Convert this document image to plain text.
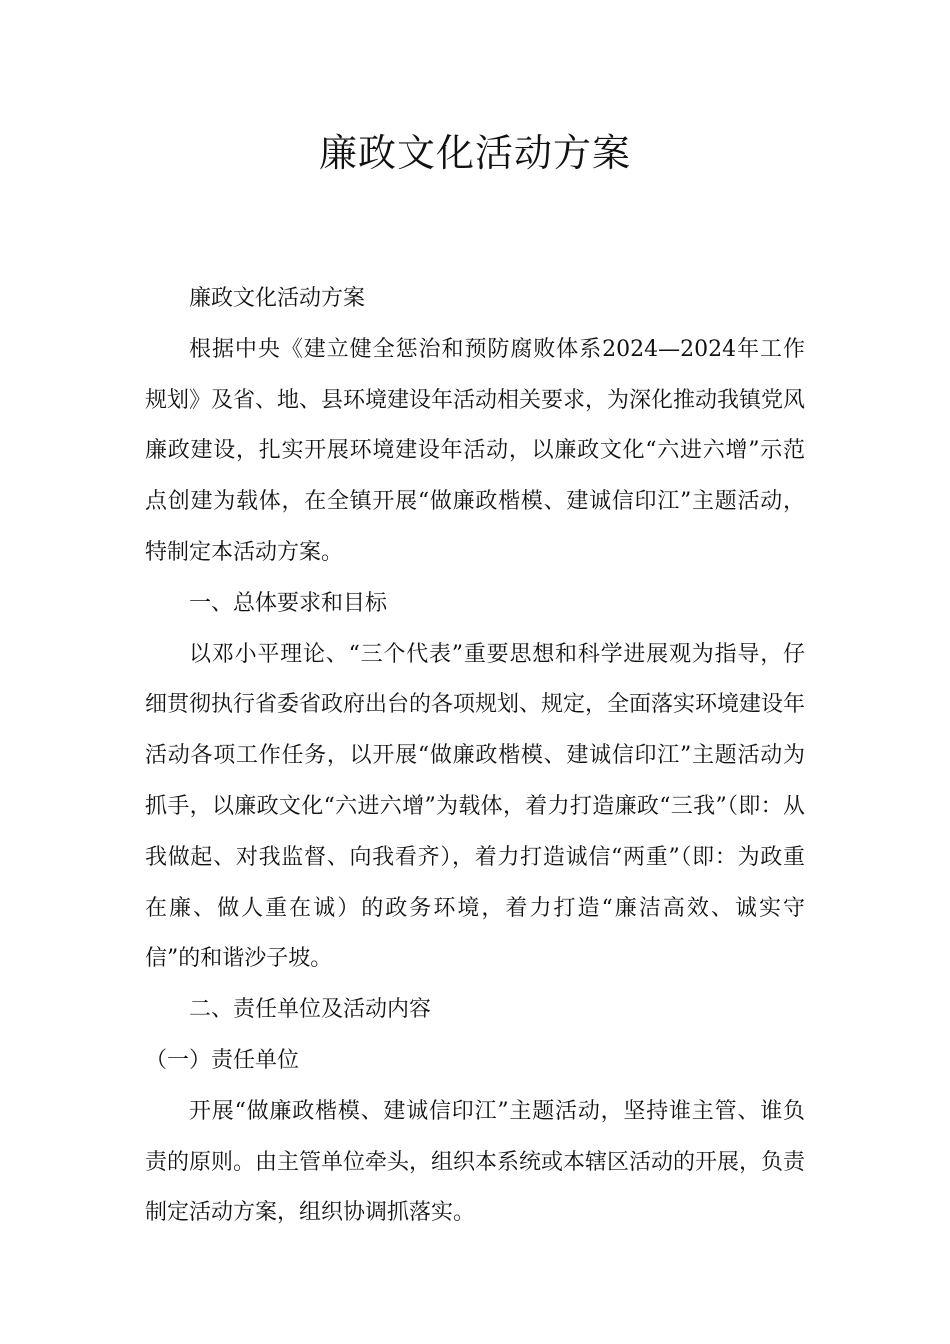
廉政文化活动方案

廉政文化活动方案

根据中央《建立健全惩治和预防腐败体系2024—2024年工作规划》及省、地、县环境建设年活动相关要求，为深化推动我镇党风廉政建设，扎实开展环境建设年活动，以廉政文化“六进六增”示范点创建为载体，在全镇开展“做廉政楷模、建诚信印江”主题活动，特制定本活动方案。

一、总体要求和目标

以邓小平理论、“三个代表”重要思想和科学进展观为指导，仔细贯彻执行省委省政府出台的各项规划、规定，全面落实环境建设年活动各项工作任务，以开展“做廉政楷模、建诚信印江”主题活动为抓手，以廉政文化“六进六增”为载体，着力打造廉政“三我”（即：从我做起、对我监督、向我看齐），着力打造诚信“两重”（即：为政重在廉、做人重在诚）的政务环境，着力打造“廉洁高效、诚实守信”的和谐沙子坡。

二、责任单位及活动内容

（一）责任单位

开展“做廉政楷模、建诚信印江”主题活动，坚持谁主管、谁负责的原则。由主管单位牵头，组织本系统或本辖区活动的开展，负责制定活动方案，组织协调抓落实。
